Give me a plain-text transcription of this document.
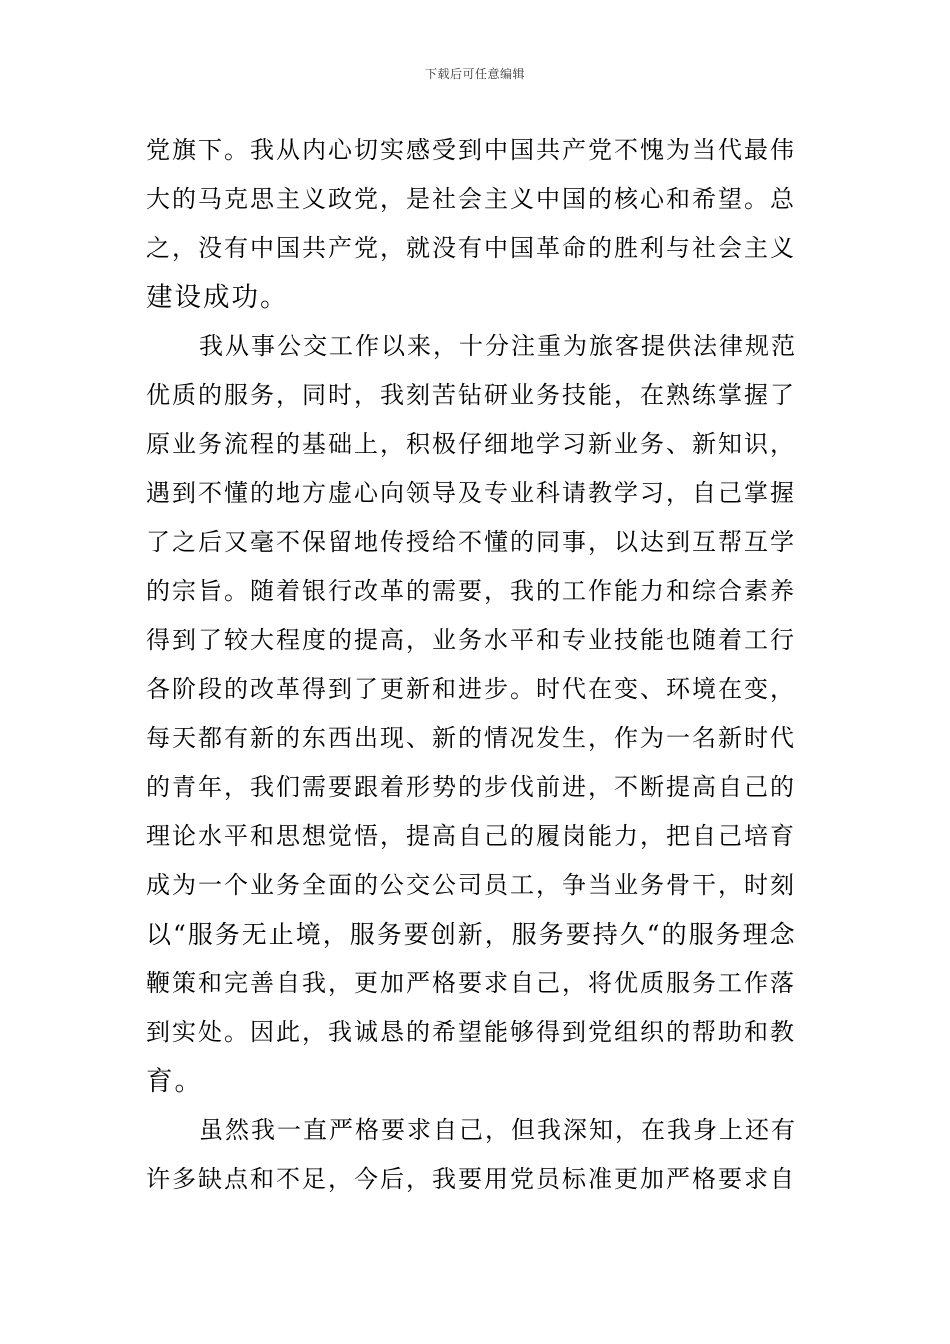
下载后可任意编辑
党旗下。我从内心切实感受到中国共产党不愧为当代最伟
大的马克思主义政党，是社会主义中国的核心和希望。总
之，没有中国共产党，就没有中国革命的胜利与社会主义
建设成功。
我从事公交工作以来，十分注重为旅客提供法律规范
优质的服务，同时，我刻苦钻研业务技能，在熟练掌握了
原业务流程的基础上，积极仔细地学习新业务、新知识，
遇到不懂的地方虚心向领导及专业科请教学习，自己掌握
了之后又毫不保留地传授给不懂的同事，以达到互帮互学
的宗旨。随着银行改革的需要，我的工作能力和综合素养
得到了较大程度的提高，业务水平和专业技能也随着工行
各阶段的改革得到了更新和进步。时代在变、环境在变，
每天都有新的东西出现、新的情况发生，作为一名新时代
的青年，我们需要跟着形势的步伐前进，不断提高自己的
理论水平和思想觉悟，提高自己的履岗能力，把自己培育
成为一个业务全面的公交公司员工，争当业务骨干，时刻
以“服务无止境，服务要创新，服务要持久“的服务理念
鞭策和完善自我，更加严格要求自己，将优质服务工作落
到实处。因此，我诚恳的希望能够得到党组织的帮助和教
育。
虽然我一直严格要求自己，但我深知，在我身上还有
许多缺点和不足，今后，我要用党员标准更加严格要求自
